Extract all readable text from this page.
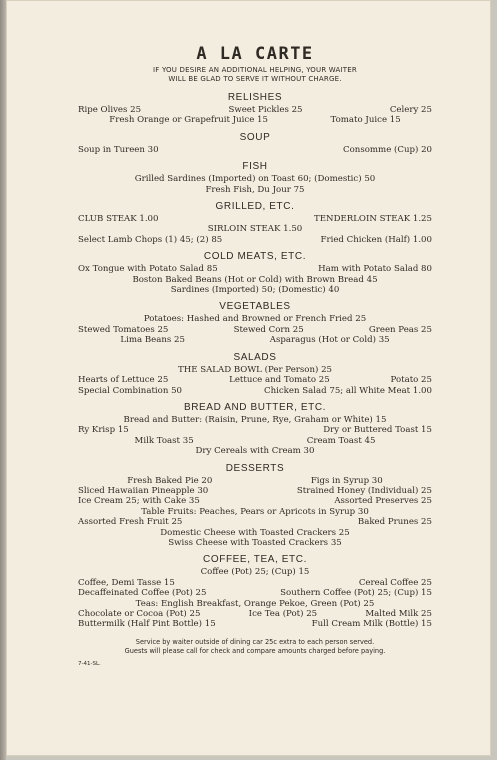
A LA CARTE
IF YOU DESIRE AN ADDITIONAL HELPING, YOUR WAITER
WILL BE GLAD TO SERVE IT WITHOUT CHARGE.
RELISHES
Ripe Olives 25	Sweet Pickles 25	Celery 25
Fresh Orange or Grapefruit Juice 15	Tomato Juice 15
SOUP
Soup in Tureen 30	Consomme (Cup) 20
FISH
Grilled Sardines (Imported) on Toast 60; (Domestic) 50
Fresh Fish, Du Jour 75
GRILLED, ETC.
CLUB STEAK 1.00	TENDERLOIN STEAK 1.25
SIRLOIN STEAK 1.50
Select Lamb Chops (1) 45; (2) 85	Fried Chicken (Half) 1.00
COLD MEATS, ETC.
Ox Tongue with Potato Salad 85	Ham with Potato Salad 80
Boston Baked Beans (Hot or Cold) with Brown Bread 45
Sardines (Imported) 50; (Domestic) 40
VEGETABLES
Potatoes: Hashed and Browned or French Fried 25
Stewed Tomatoes 25	Stewed Corn 25	Green Peas 25
Lima Beans 25	Asparagus (Hot or Cold) 35
SALADS
THE SALAD BOWL (Per Person) 25
Hearts of Lettuce 25	Lettuce and Tomato 25	Potato 25
Special Combination 50	Chicken Salad 75; all White Meat 1.00
BREAD AND BUTTER, ETC.
Bread and Butter: (Raisin, Prune, Rye, Graham or White) 15
Ry Krisp 15	Dry or Buttered Toast 15
Milk Toast 35	Cream Toast 45
Dry Cereals with Cream 30
DESSERTS
Fresh Baked Pie 20	Figs in Syrup 30
Sliced Hawaiian Pineapple 30	Strained Honey (Individual) 25
Ice Cream 25; with Cake 35	Assorted Preserves 25
Table Fruits: Peaches, Pears or Apricots in Syrup 30
Assorted Fresh Fruit 25	Baked Prunes 25
Domestic Cheese with Toasted Crackers 25
Swiss Cheese with Toasted Crackers 35
COFFEE, TEA, ETC.
Coffee (Pot) 25; (Cup) 15
Coffee, Demi Tasse 15	Cereal Coffee 25
Decaffeinated Coffee (Pot) 25	Southern Coffee (Pot) 25; (Cup) 15
Teas: English Breakfast, Orange Pekoe, Green (Pot) 25
Chocolate or Cocoa (Pot) 25	Ice Tea (Pot) 25	Malted Milk 25
Buttermilk (Half Pint Bottle) 15	Full Cream Milk (Bottle) 15
Service by waiter outside of dining car 25c extra to each person served.
Guests will please call for check and compare amounts charged before paying.
7-41-SL.
